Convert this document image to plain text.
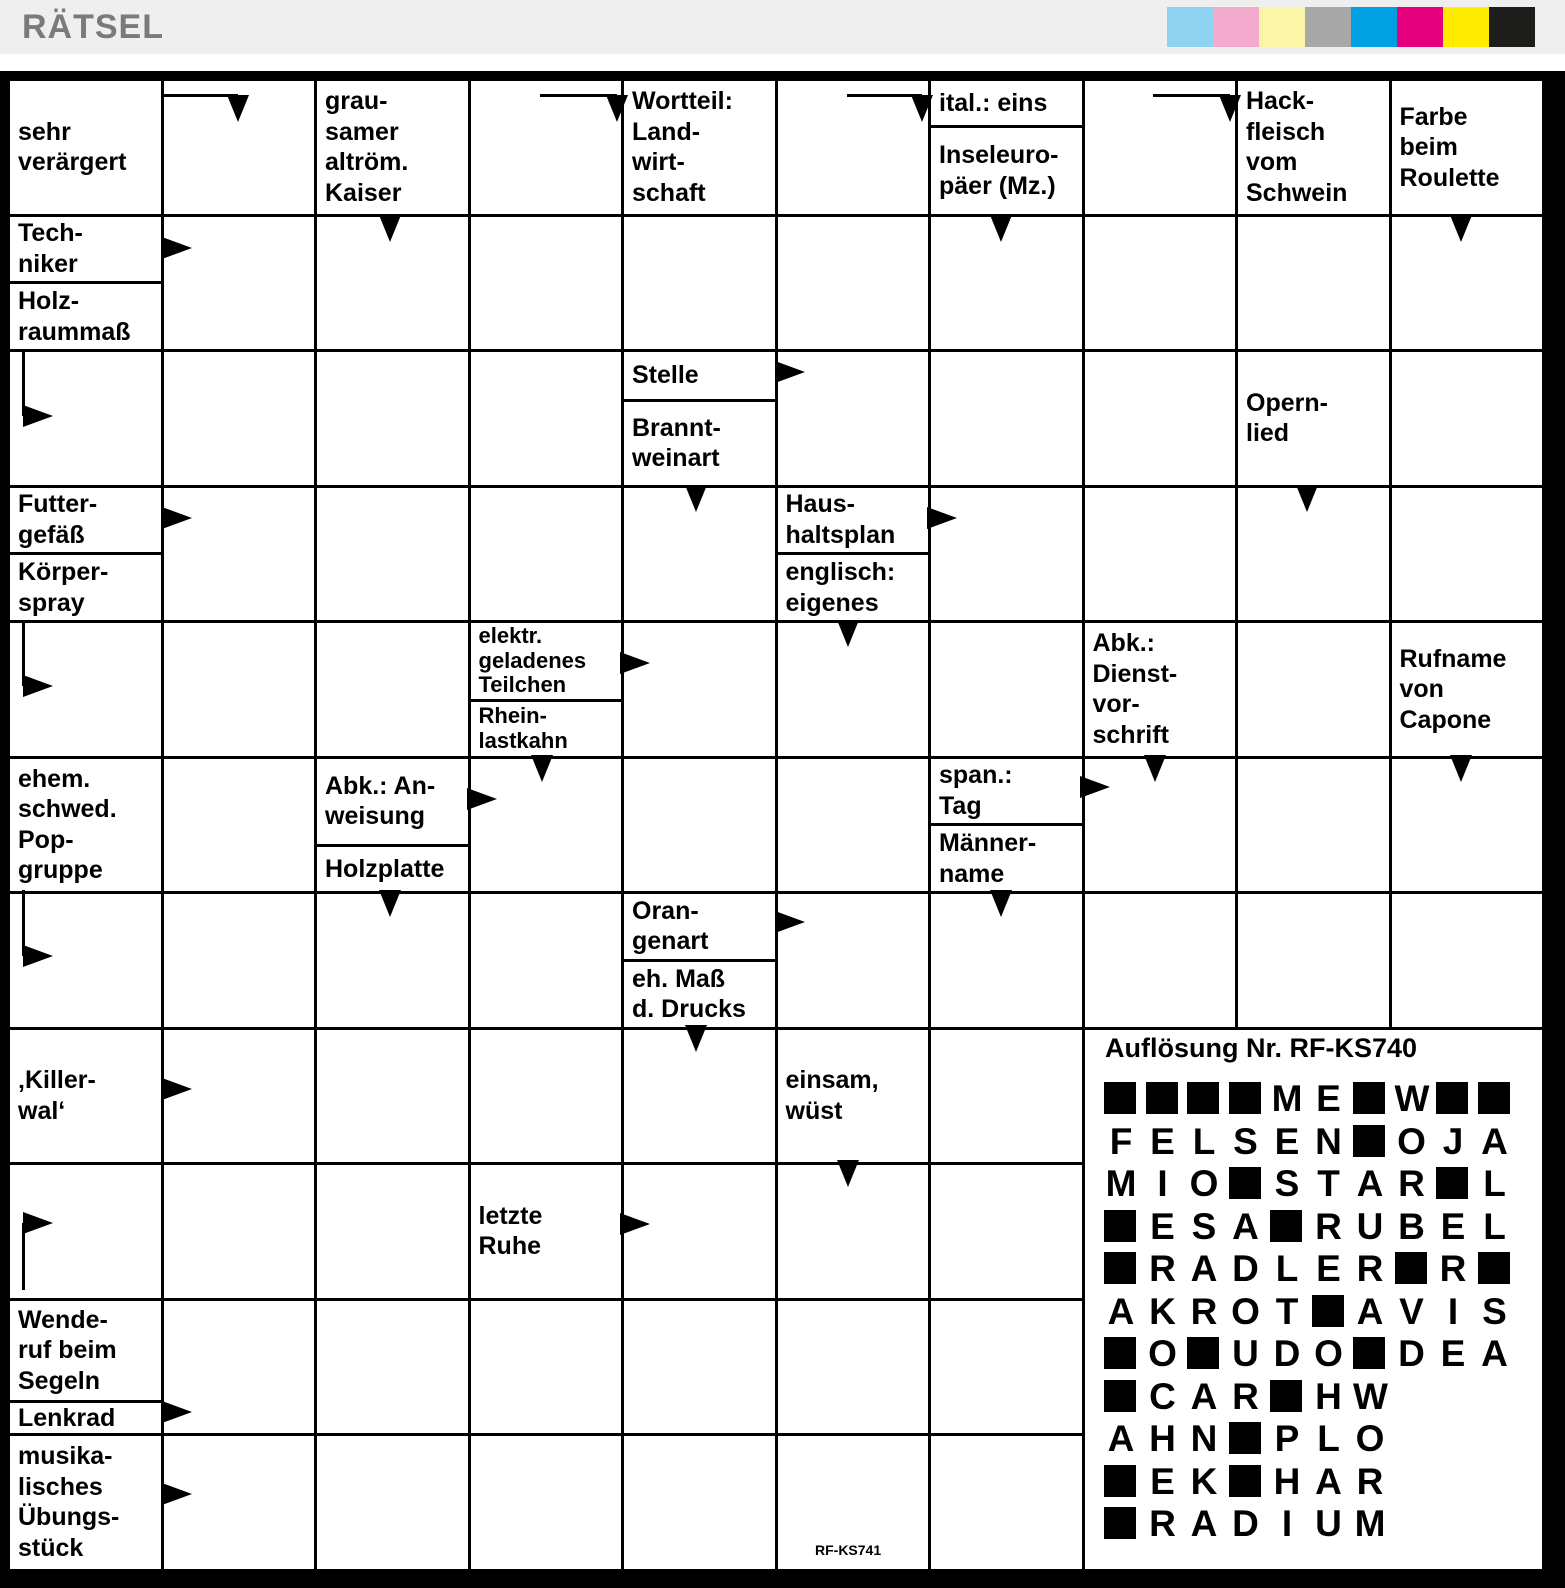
RÄTSEL
sehr
verärgert
grau-
samer
altröm.
Kaiser
Wortteil:
Land-
wirt-
schaft
ital.: eins
Inseleuro-
päer (Mz.)
Hack-
fleisch
vom
Schwein
Farbe
beim
Roulette
Tech-
niker
Holz-
raummaß
Stelle
Brannt-
weinart
Opern-
lied
Futter-
gefäß
Körper-
spray
Haus-
haltsplan
englisch:
eigenes
elektr.
geladenes
Teilchen
Rhein-
lastkahn
Abk.:
Dienst-
vor-
schrift
Rufname
von
Capone
ehem.
schwed.
Pop-
gruppe
Abk.: An-
weisung
Holzplatte
span.:
Tag
Männer-
name
Oran-
genart
eh. Maß
d. Drucks
‚Killer-
wal‘
einsam,
wüst
letzte
Ruhe
Wende-
ruf beim
Segeln
Lenkrad
musika-
lisches
Übungs-
stück
Auflösung Nr. RF-KS740
M E W
F E L S E N O J A
M I O S T A R L
E S A R U B E L
R A D L E R R
A K R O T A V I S
O U D O D E A
C A R H W
A H N P L O
E K H A R
R A D I U M
RF-KS741
